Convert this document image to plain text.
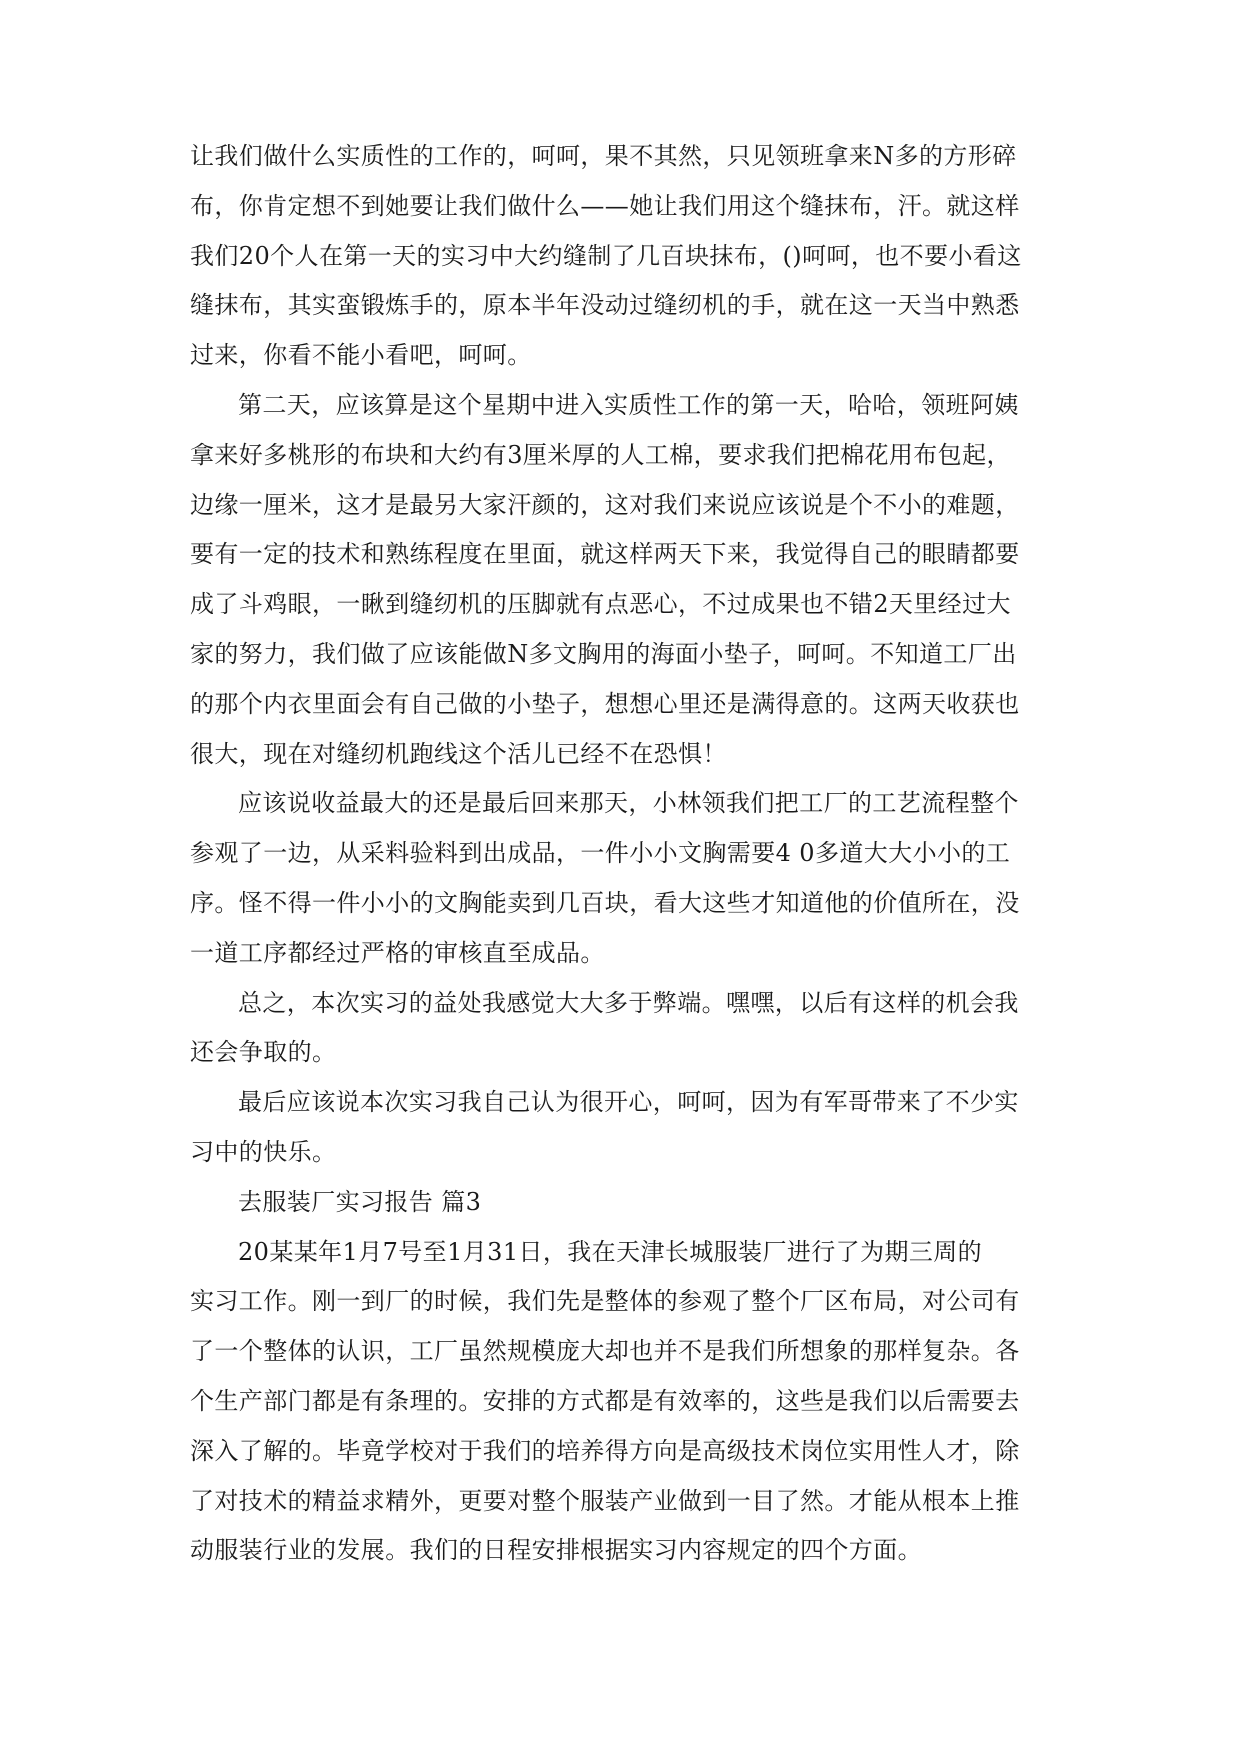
让我们做什么实质性的工作的，呵呵，果不其然，只见领班拿来N多的方形碎
布，你肯定想不到她要让我们做什么——她让我们用这个缝抹布，汗。就这样
我们20个人在第一天的实习中大约缝制了几百块抹布，()呵呵，也不要小看这
缝抹布，其实蛮锻炼手的，原本半年没动过缝纫机的手，就在这一天当中熟悉
过来，你看不能小看吧，呵呵。
第二天，应该算是这个星期中进入实质性工作的第一天，哈哈，领班阿姨
拿来好多桃形的布块和大约有3厘米厚的人工棉，要求我们把棉花用布包起，
边缘一厘米，这才是最另大家汗颜的，这对我们来说应该说是个不小的难题，
要有一定的技术和熟练程度在里面，就这样两天下来，我觉得自己的眼睛都要
成了斗鸡眼，一瞅到缝纫机的压脚就有点恶心，不过成果也不错2天里经过大
家的努力，我们做了应该能做N多文胸用的海面小垫子，呵呵。不知道工厂出
的那个内衣里面会有自己做的小垫子，想想心里还是满得意的。这两天收获也
很大，现在对缝纫机跑线这个活儿已经不在恐惧！
应该说收益最大的还是最后回来那天，小林领我们把工厂的工艺流程整个
参观了一边，从采料验料到出成品，一件小小文胸需要4 0多道大大小小的工
序。怪不得一件小小的文胸能卖到几百块，看大这些才知道他的价值所在，没
一道工序都经过严格的审核直至成品。
总之，本次实习的益处我感觉大大多于弊端。嘿嘿，以后有这样的机会我
还会争取的。
最后应该说本次实习我自己认为很开心，呵呵，因为有军哥带来了不少实
习中的快乐。
去服装厂实习报告 篇3
20某某年1月7号至1月31日，我在天津长城服装厂进行了为期三周的
实习工作。刚一到厂的时候，我们先是整体的参观了整个厂区布局，对公司有
了一个整体的认识，工厂虽然规模庞大却也并不是我们所想象的那样复杂。各
个生产部门都是有条理的。安排的方式都是有效率的，这些是我们以后需要去
深入了解的。毕竟学校对于我们的培养得方向是高级技术岗位实用性人才，除
了对技术的精益求精外，更要对整个服装产业做到一目了然。才能从根本上推
动服装行业的发展。我们的日程安排根据实习内容规定的四个方面。
